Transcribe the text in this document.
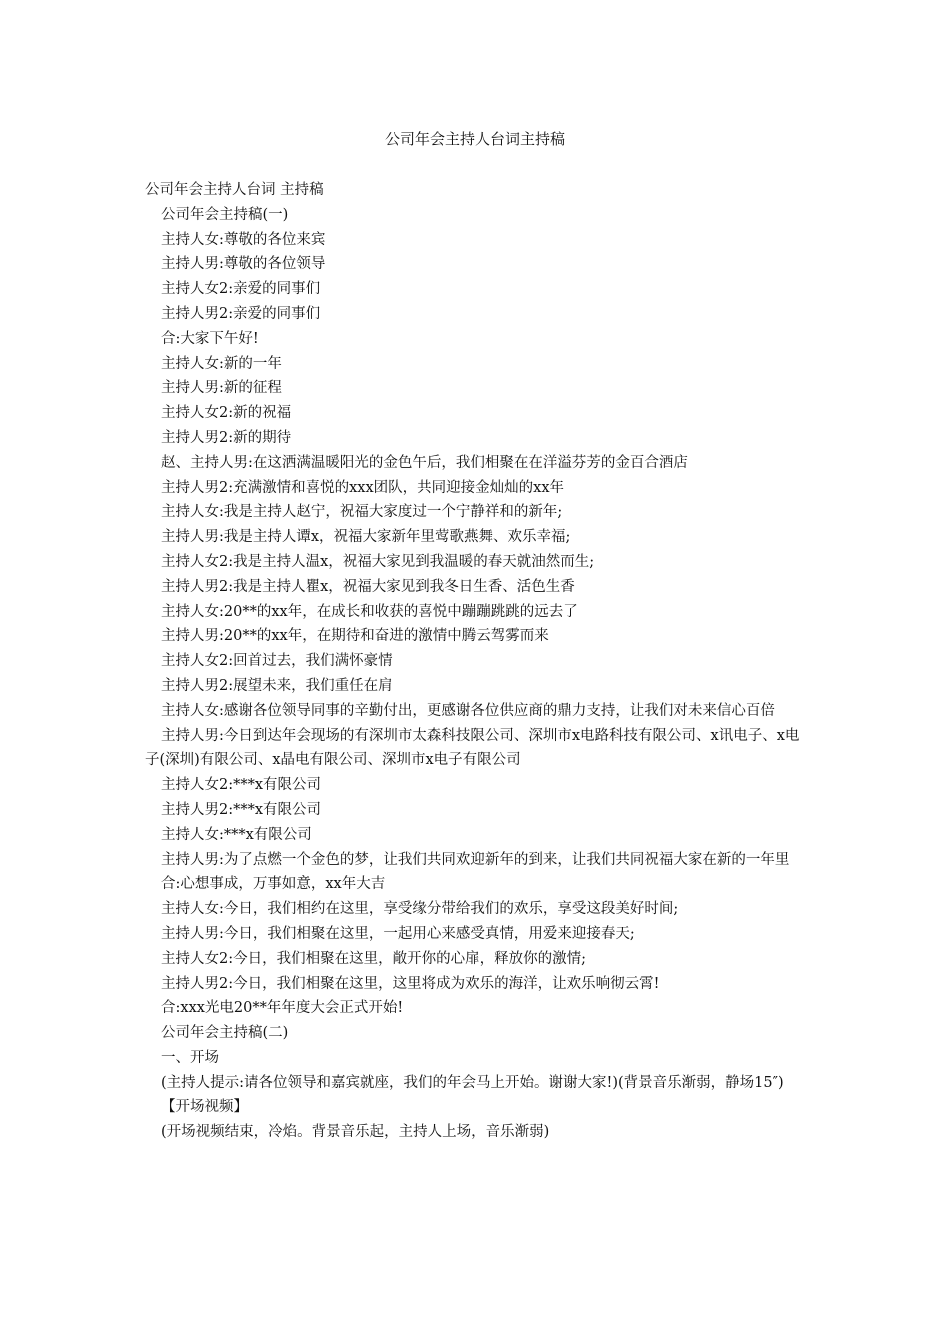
公司年会主持人台词主持稿

公司年会主持人台词 主持稿

公司年会主持稿(一)

主持人女:尊敬的各位来宾

主持人男:尊敬的各位领导

主持人女2:亲爱的同事们

主持人男2:亲爱的同事们

合:大家下午好!

主持人女:新的一年

主持人男:新的征程

主持人女2:新的祝福

主持人男2:新的期待

赵、主持人男:在这洒满温暖阳光的金色午后，我们相聚在在洋溢芬芳的金百合酒店

主持人男2:充满激情和喜悦的xxx团队，共同迎接金灿灿的xx年

主持人女:我是主持人赵宁，祝福大家度过一个宁静祥和的新年;

主持人男:我是主持人谭x，祝福大家新年里莺歌燕舞、欢乐幸福;

主持人女2:我是主持人温x，祝福大家见到我温暖的春天就油然而生;

主持人男2:我是主持人瞿x，祝福大家见到我冬日生香、活色生香

主持人女:20**的xx年，在成长和收获的喜悦中蹦蹦跳跳的远去了

主持人男:20**的xx年，在期待和奋进的激情中腾云驾雾而来

主持人女2:回首过去，我们满怀豪情

主持人男2:展望未来，我们重任在肩

主持人女:感谢各位领导同事的辛勤付出，更感谢各位供应商的鼎力支持，让我们对未来信心百倍

主持人男:今日到达年会现场的有深圳市太森科技限公司、深圳市x电路科技有限公司、x讯电子、x电子(深圳)有限公司、x晶电有限公司、深圳市x电子有限公司

主持人女2:***x有限公司

主持人男2:***x有限公司

主持人女:***x有限公司

主持人男:为了点燃一个金色的梦，让我们共同欢迎新年的到来，让我们共同祝福大家在新的一年里

合:心想事成，万事如意，xx年大吉

主持人女:今日，我们相约在这里，享受缘分带给我们的欢乐，享受这段美好时间;

主持人男:今日，我们相聚在这里，一起用心来感受真情，用爱来迎接春天;

主持人女2:今日，我们相聚在这里，敞开你的心扉，释放你的激情;

主持人男2:今日，我们相聚在这里，这里将成为欢乐的海洋，让欢乐响彻云霄!

合:xxx光电20**年年度大会正式开始!

公司年会主持稿(二)

一、开场

(主持人提示:请各位领导和嘉宾就座，我们的年会马上开始。谢谢大家!)(背景音乐渐弱，静场15″)

【开场视频】

(开场视频结束，冷焰。背景音乐起，主持人上场，音乐渐弱)
